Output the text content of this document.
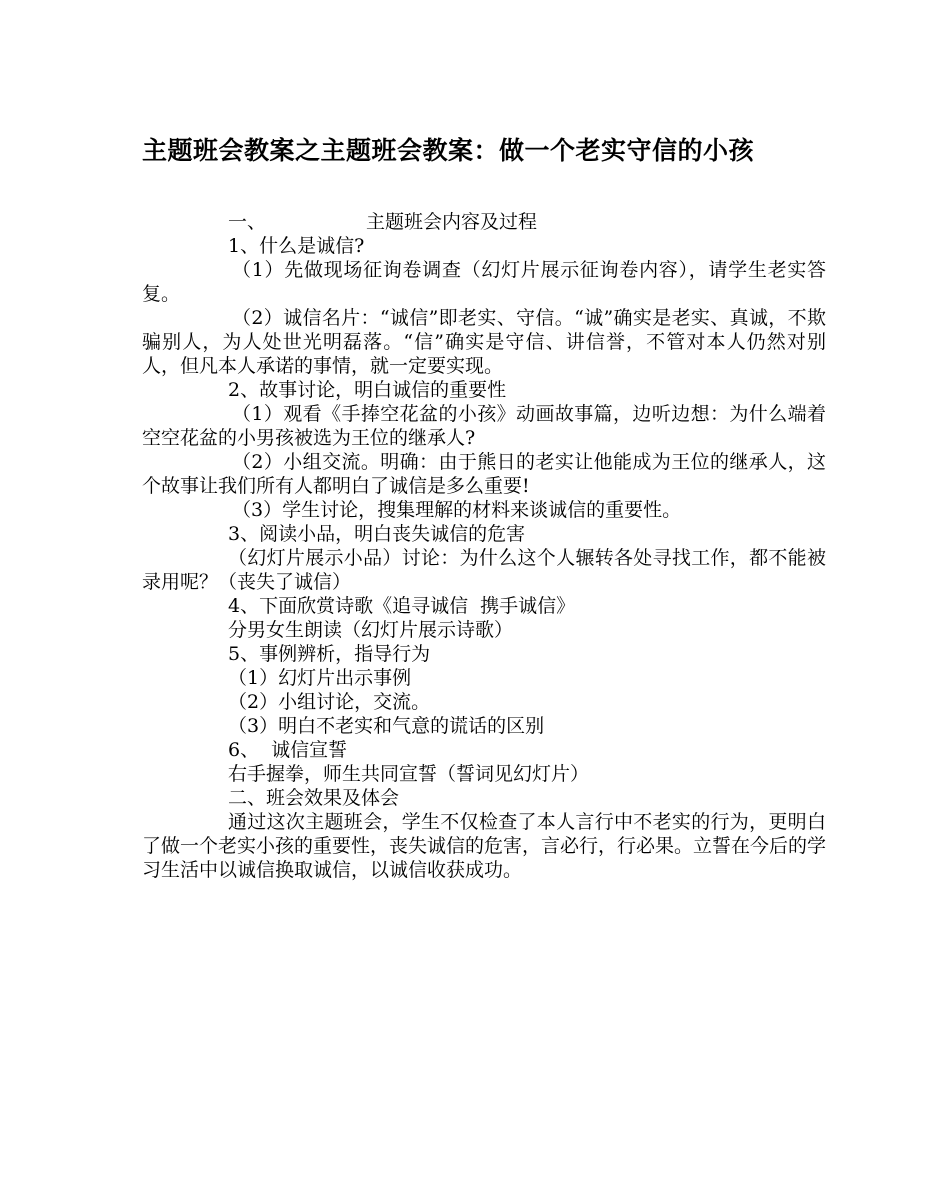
主题班会教案之主题班会教案：做一个老实守信的小孩

一、	主题班会内容及过程

1、什么是诚信?

（1）先做现场征询卷调查（幻灯片展示征询卷内容），请学生老实答复。

（2）诚信名片：“诚信”即老实、守信。“诚”确实是老实、真诚，不欺骗别人，为人处世光明磊落。“信”确实是守信、讲信誉，不管对本人仍然对别人，但凡本人承诺的事情，就一定要实现。

2、故事讨论，明白诚信的重要性

（1）观看《手捧空花盆的小孩》动画故事篇，边听边想：为什么端着空空花盆的小男孩被选为王位的继承人?

（2）小组交流。明确：由于熊日的老实让他能成为王位的继承人，这个故事让我们所有人都明白了诚信是多么重要!

（3）学生讨论，搜集理解的材料来谈诚信的重要性。

3、阅读小品，明白丧失诚信的危害

（幻灯片展示小品）讨论：为什么这个人辗转各处寻找工作，都不能被录用呢？（丧失了诚信）

4、下面欣赏诗歌《追寻诚信  携手诚信》

分男女生朗读（幻灯片展示诗歌）

5、事例辨析，指导行为

（1）幻灯片出示事例

（2）小组讨论，交流。

（3）明白不老实和气意的谎话的区别

6、  诚信宣誓

右手握拳，师生共同宣誓（誓词见幻灯片）

二、班会效果及体会

通过这次主题班会，学生不仅检查了本人言行中不老实的行为，更明白了做一个老实小孩的重要性，丧失诚信的危害，言必行，行必果。立誓在今后的学习生活中以诚信换取诚信，以诚信收获成功。
